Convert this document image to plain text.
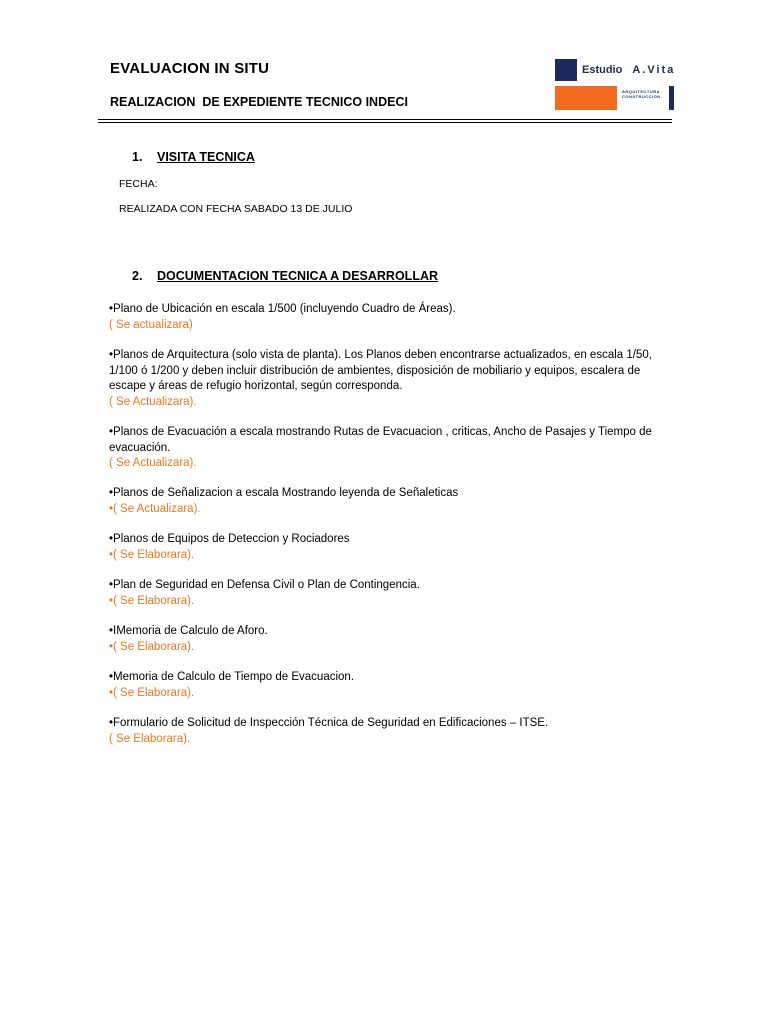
EVALUACION IN SITU
REALIZACION  DE EXPEDIENTE TECNICO INDECI
Estudio A.Vita
ARQUITECTURA
CONSTRUCCION
1. VISITA TECNICA
FECHA:
REALIZADA CON FECHA SABADO 13 DE JULIO
2. DOCUMENTACION TECNICA A DESARROLLAR
•Plano de Ubicación en escala 1/500 (incluyendo Cuadro de Áreas).
( Se actualizara)
•Planos de Arquitectura (solo vista de planta). Los Planos deben encontrarse actualizados, en escala 1/50, 1/100 ó 1/200 y deben incluir distribución de ambientes, disposición de mobiliario y equipos, escalera de escape y áreas de refugio horizontal, según corresponda.
( Se Actualizara).
•Planos de Evacuación a escala mostrando Rutas de Evacuacion , criticas, Ancho de Pasajes y Tiempo de evacuación.
( Se Actualizara).
•Planos de Señalizacion a escala Mostrando leyenda de Señaleticas
•( Se Actualizara).
•Planos de Equipos de Deteccion y Rociadores
•( Se Elaborara).
•Plan de Seguridad en Defensa Civil o Plan de Contingencia.
•( Se Elaborara).
•IMemoria de Calculo de Aforo.
•( Se Elaborara).
•Memoria de Calculo de Tiempo de Evacuacion.
•( Se Elaborara).
•Formulario de Solicitud de Inspección Técnica de Seguridad en Edificaciones – ITSE.
( Se Elaborara).
